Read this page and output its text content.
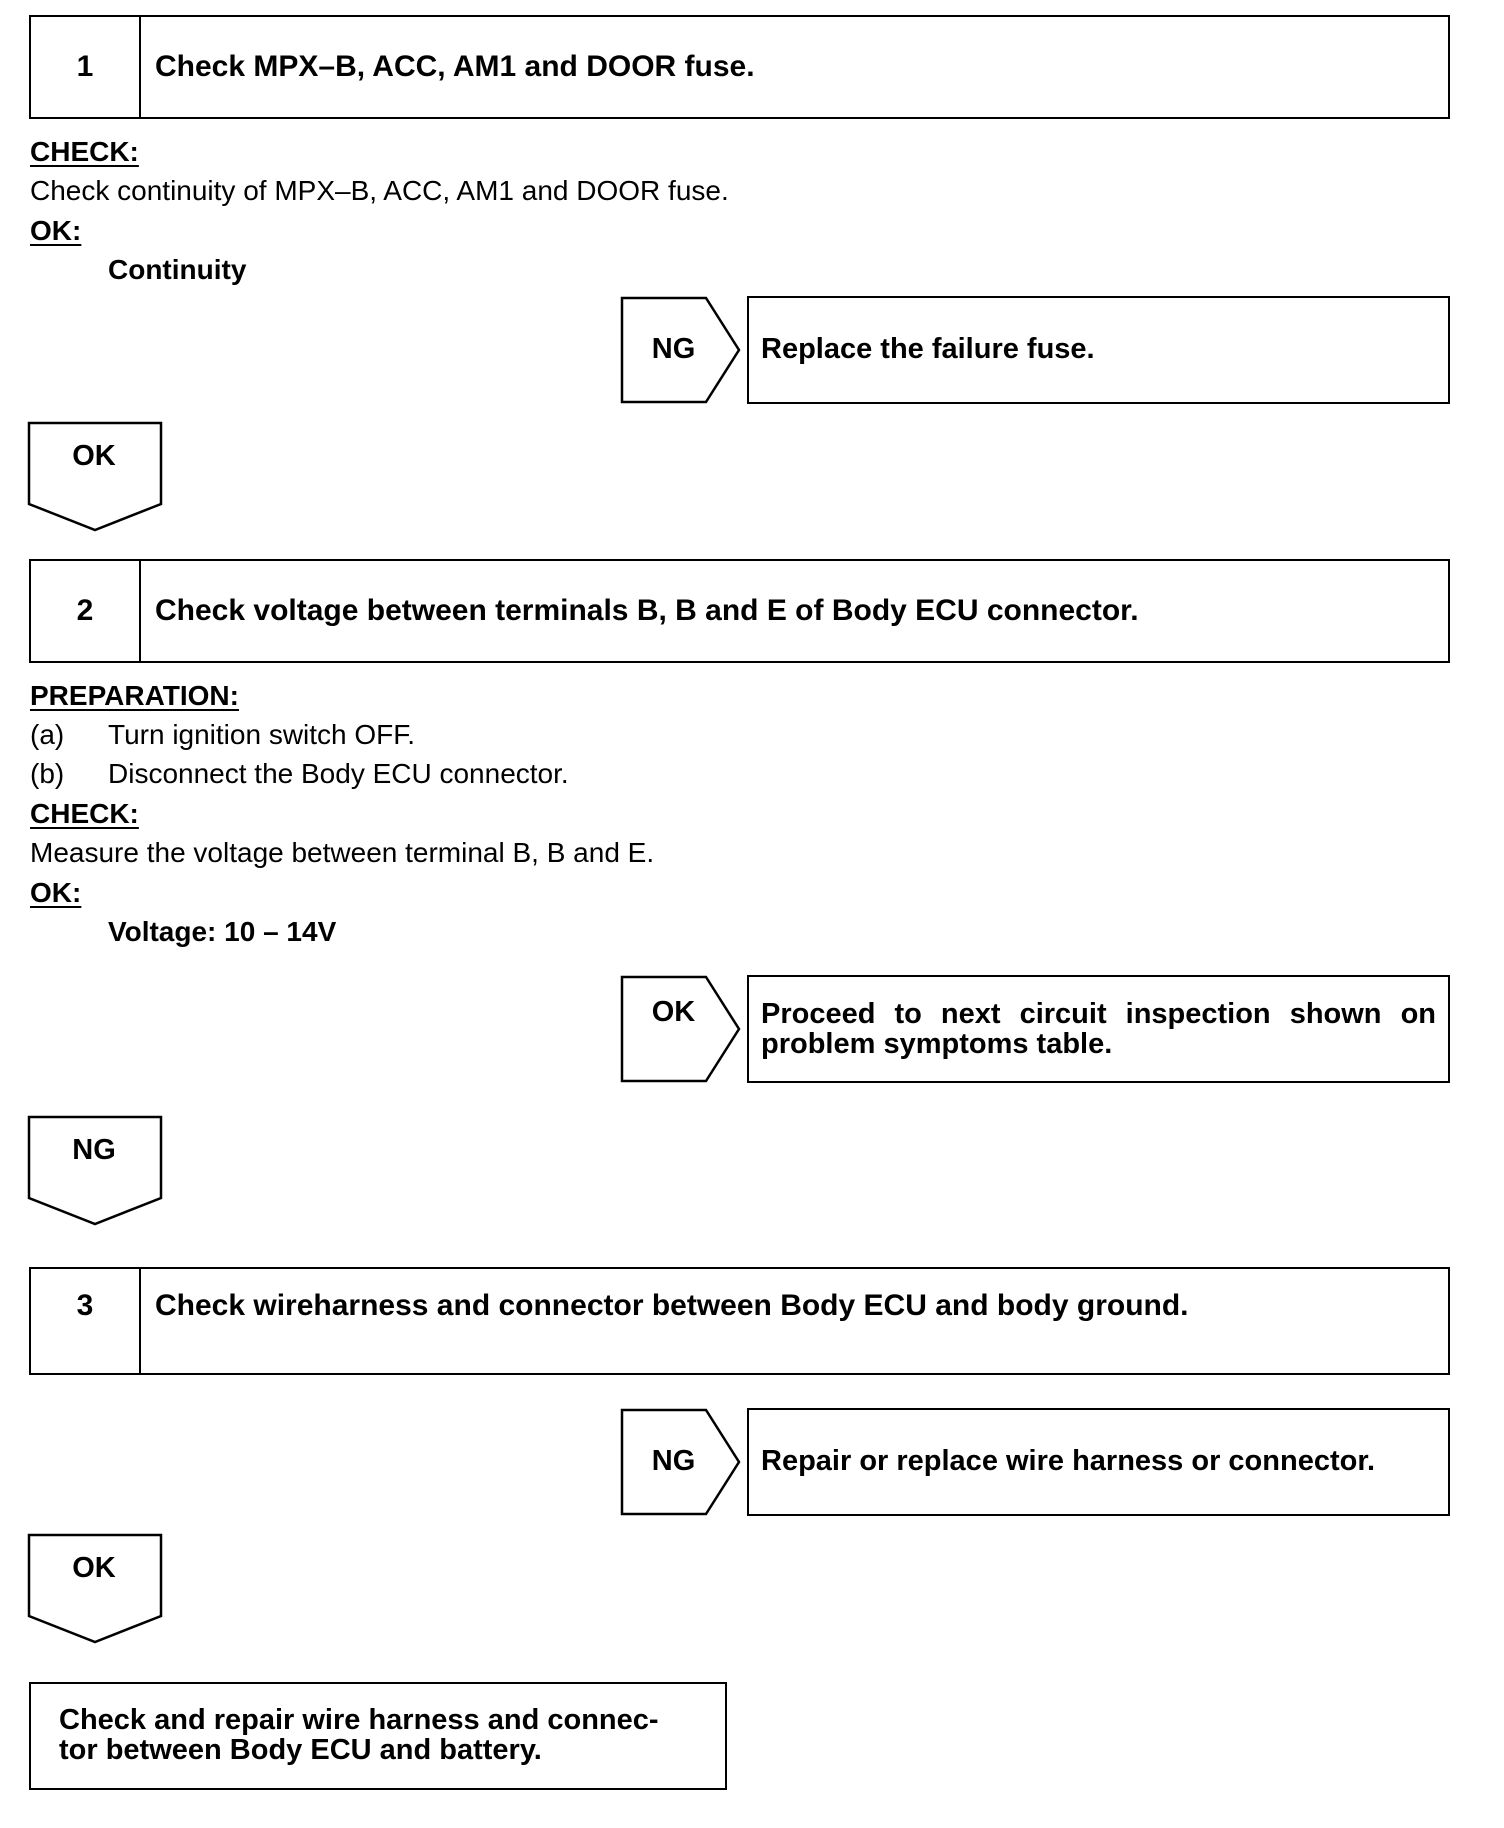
1	Check MPX–B, ACC, AM1 and DOOR fuse.
CHECK:
Check continuity of MPX–B, ACC, AM1 and DOOR fuse.
OK:
Continuity
NG	Replace the failure fuse.
OK
2	Check voltage between terminals B, B and E of Body ECU connector.
PREPARATION:
(a) Turn ignition switch OFF.
(b) Disconnect the Body ECU connector.
CHECK:
Measure the voltage between terminal B, B and E.
OK:
Voltage: 10 – 14V
OK	Proceed to next circuit inspection shown on problem symptoms table.
NG
3	Check wireharness and connector between Body ECU and body ground.
NG	Repair or replace wire harness or connector.
OK
Check and repair wire harness and connec- tor between Body ECU and battery.
